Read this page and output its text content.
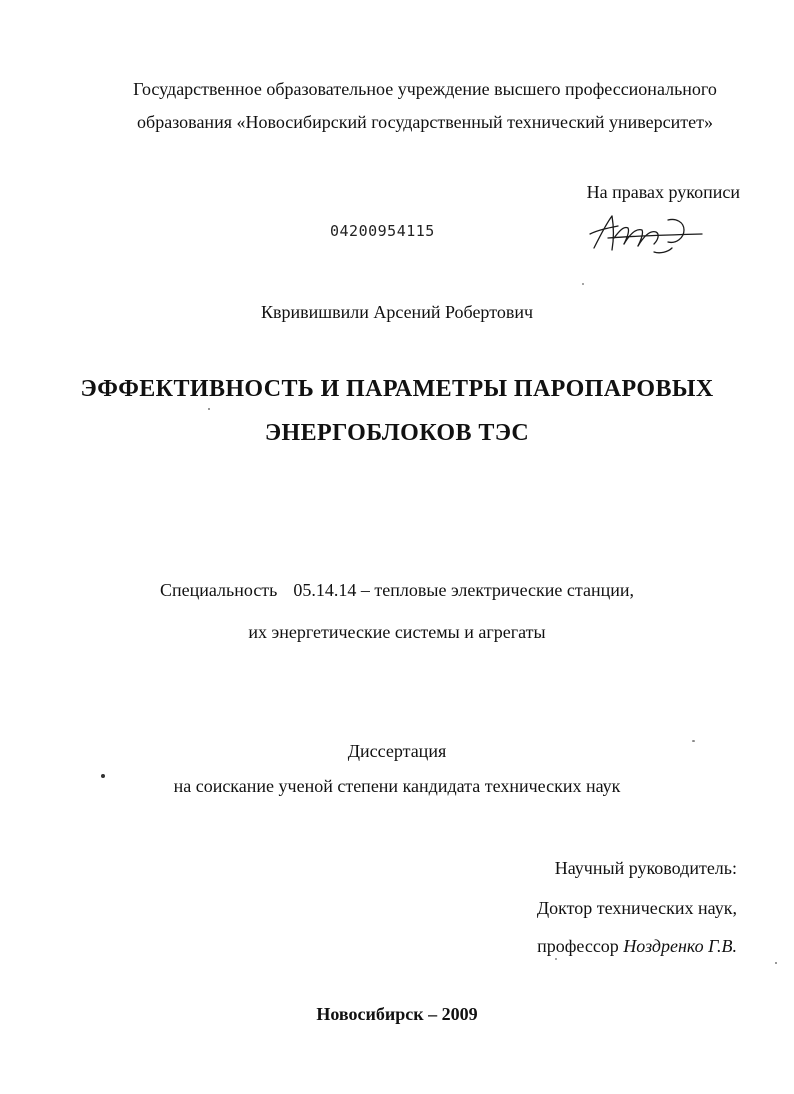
Государственное образовательное учреждение высшего профессионального
образования «Новосибирский государственный технический университет»
На правах рукописи
04200954115
Квривишвили Арсений Робертович
ЭФФЕКТИВНОСТЬ И ПАРАМЕТРЫ ПАРОПАРОВЫХ
ЭНЕРГОБЛОКОВ ТЭС
Специальность 05.14.14 – тепловые электрические станции,
их энергетические системы и агрегаты
Диссертация
на соискание ученой степени кандидата технических наук
Научный руководитель:
Доктор технических наук,
профессор Ноздренко Г.В.
Новосибирск – 2009
